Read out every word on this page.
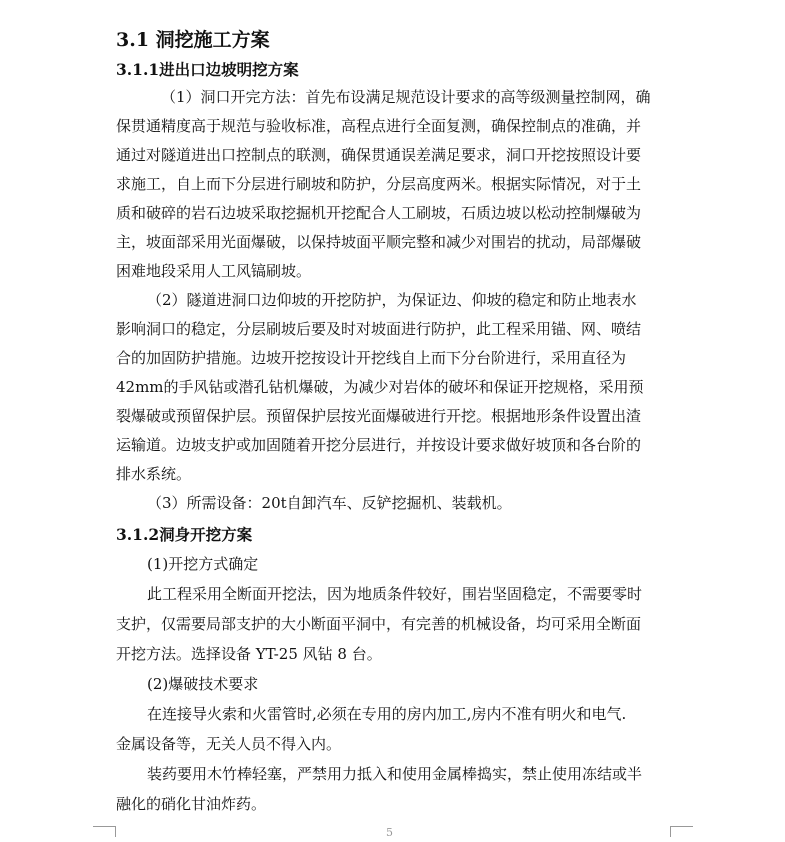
3.1 洞挖施工方案
3.1.1进出口边坡明挖方案
（1）洞口开完方法：首先布设满足规范设计要求的高等级测量控制网，确
保贯通精度高于规范与验收标准，高程点进行全面复测，确保控制点的准确，并
通过对隧道进出口控制点的联测，确保贯通误差满足要求，洞口开挖按照设计要
求施工，自上而下分层进行刷坡和防护，分层高度两米。根据实际情况，对于土
质和破碎的岩石边坡采取挖掘机开挖配合人工刷坡，石质边坡以松动控制爆破为
主，坡面部采用光面爆破，以保持坡面平顺完整和减少对围岩的扰动，局部爆破
困难地段采用人工风镐刷坡。
（2）隧道进洞口边仰坡的开挖防护，为保证边、仰坡的稳定和防止地表水
影响洞口的稳定，分层刷坡后要及时对坡面进行防护，此工程采用锚、网、喷结
合的加固防护措施。边坡开挖按设计开挖线自上而下分台阶进行，采用直径为
42mm的手风钻或潜孔钻机爆破，为减少对岩体的破坏和保证开挖规格，采用预
裂爆破或预留保护层。预留保护层按光面爆破进行开挖。根据地形条件设置出渣
运输道。边坡支护或加固随着开挖分层进行，并按设计要求做好坡顶和各台阶的
排水系统。
（3）所需设备：20t自卸汽车、反铲挖掘机、装载机。
3.1.2洞身开挖方案
(1)开挖方式确定
此工程采用全断面开挖法，因为地质条件较好，围岩坚固稳定，不需要零时
支护，仅需要局部支护的大小断面平洞中，有完善的机械设备，均可采用全断面
开挖方法。选择设备 YT-25 风钻 8 台。
(2)爆破技术要求
在连接导火索和火雷管时,必须在专用的房内加工,房内不准有明火和电气.
金属设备等，无关人员不得入内。
装药要用木竹棒轻塞，严禁用力抵入和使用金属棒捣实，禁止使用冻结或半
融化的硝化甘油炸药。
5
